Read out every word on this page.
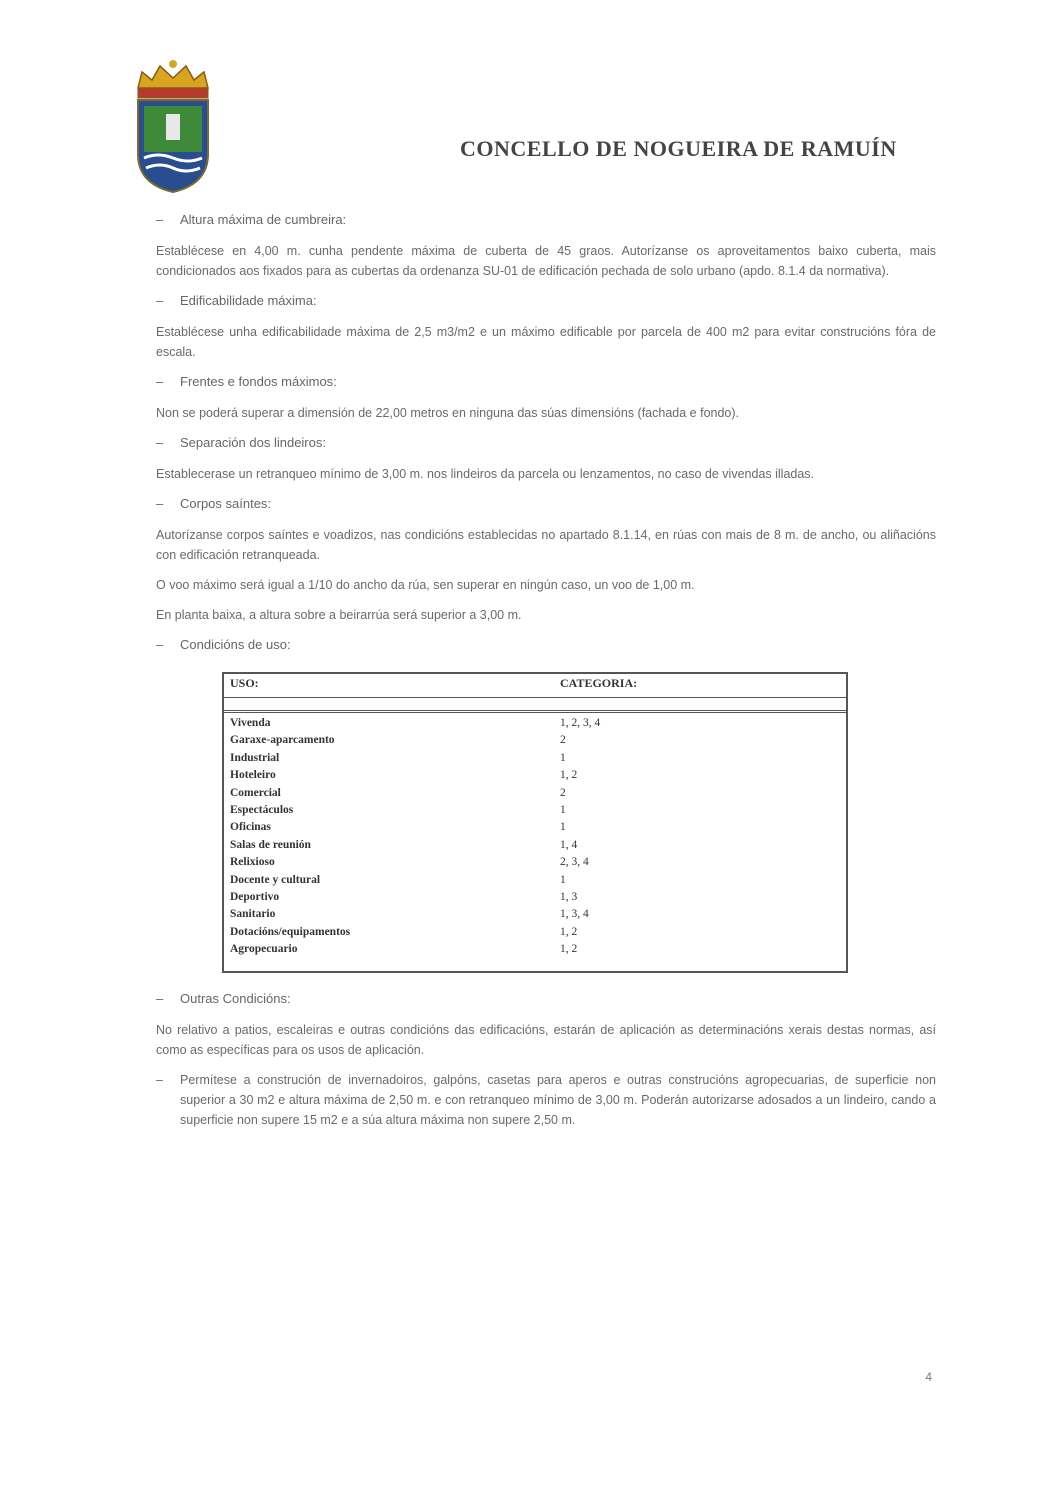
CONCELLO DE NOGUEIRA DE RAMUÍN
–	Altura máxima de cumbreira:

Establécese en 4,00 m. cunha pendente máxima de cuberta de 45 graos. Autorízanse os aproveitamentos baixo cuberta, mais condicionados aos fixados para as cubertas da ordenanza SU-01 de edificación pechada de solo urbano (apdo. 8.1.4 da normativa).

–	Edificabilidade máxima:

Establécese unha edificabilidade máxima de 2,5 m3/m2 e un máximo edificable por parcela de 400 m2 para evitar construcións fóra de escala.

–	Frentes e fondos máximos:

Non se poderá superar a dimensión de 22,00 metros en ninguna das súas dimensións (fachada e fondo).

–	Separación dos lindeiros:

Establecerase un retranqueo mínimo de 3,00 m. nos lindeiros da parcela ou lenzamentos, no caso de vivendas illadas.

–	Corpos saíntes:

Autorízanse corpos saíntes e voadizos, nas condicións establecidas no apartado 8.1.14, en rúas con mais de 8 m. de ancho, ou aliñacións con edificación retranqueada.

O voo máximo será igual a 1/10 do ancho da rúa, sen superar en ningún caso, un voo de 1,00 m.

En planta baixa, a altura sobre a beirarrúa será superior a 3,00 m.

–	Condicións de uso:
USO:	CATEGORIA:
Vivenda	1, 2, 3, 4
Garaxe-aparcamento	2
Industrial	1
Hoteleiro	1, 2
Comercial	2
Espectáculos	1
Oficinas	1
Salas de reunión	1, 4
Relixioso	2, 3, 4
Docente y cultural	1
Deportivo	1, 3
Sanitario	1, 3, 4
Dotacións/equipamentos	1, 2
Agropecuario	1, 2
–	Outras Condicións:

No relativo a patios, escaleiras e outras condicións das edificacións, estarán de aplicación as determinacións xerais destas normas, así como as específicas para os usos de aplicación.

–	Permítese a construción de invernadoiros, galpóns, casetas para aperos e outras construcións agropecuarias, de superficie non superior a 30 m2 e altura máxima de 2,50 m. e con retranqueo mínimo de 3,00 m. Poderán autorizarse adosados a un lindeiro, cando a superficie non supere 15 m2 e a súa altura máxima non supere 2,50 m.
4
